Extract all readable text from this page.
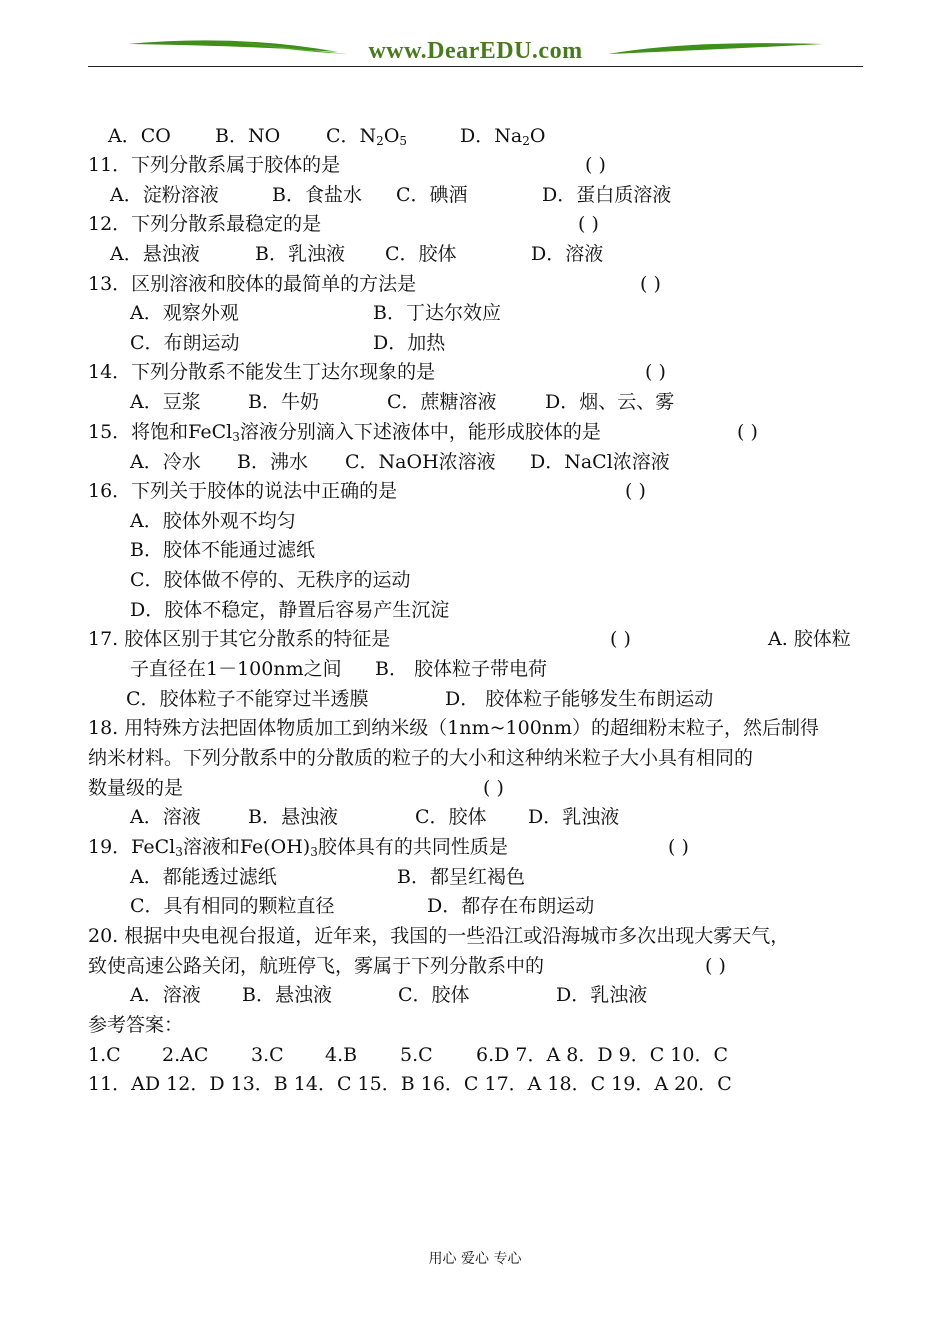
www.DearEDU.com
A．CO B．NO C．$N_2O_5$	D．$Na_2O$
11．下列分散系属于胶体的是	( )
A．淀粉溶液	B．食盐水 C．碘酒	D．蛋白质溶液
12．下列分散系最稳定的是	( )
A．悬浊液	B．乳浊液 C．胶体	D．溶液
13．区别溶液和胶体的最简单的方法是	( )
A．观察外观	B．丁达尔效应
C．布朗运动	D．加热
14．下列分散系不能发生丁达尔现象的是	( )
A．豆浆 B．牛奶	C．蔗糖溶液	D．烟、云、雾
15．将饱和FeCl$_3$溶液分别滴入下述液体中，能形成胶体的是	( )
A．冷水 B．沸水 C．NaOH浓溶液 D．NaCl浓溶液
16．下列关于胶体的说法中正确的是	( )
A．胶体外观不均匀
B．胶体不能通过滤纸
C．胶体做不停的、无秩序的运动
D．胶体不稳定，静置后容易产生沉淀
17. 胶体区别于其它分散系的特征是	( )	A. 胶体粒
子直径在1－100nm之间 B． 胶体粒子带电荷
C．胶体粒子不能穿过半透膜	D． 胶体粒子能够发生布朗运动
18. 用特殊方法把固体物质加工到纳米级（1nm~100nm）的超细粉末粒子，然后制得
纳米材料。下列分散系中的分散质的粒子的大小和这种纳米粒子大小具有相同的
数量级的是	( )
A．溶液 B．悬浊液	C．胶体 D．乳浊液
19．FeCl$_3$溶液和$Fe(OH)_3$胶体具有的共同性质是	( )
A．都能透过滤纸	B．都呈红褐色
C．具有相同的颗粒直径	D．都存在布朗运动
20. 根据中央电视台报道，近年来，我国的一些沿江或沿海城市多次出现大雾天气，
致使高速公路关闭，航班停飞，雾属于下列分散系中的	( )
A．溶液 B．悬浊液	C．胶体	D．乳浊液
参考答案：
1.C 2.AC 3.C 4.B 5.C 6.D 7．A 8．D 9．C 10．C
11．AD 12．D 13．B 14．C 15．B 16．C 17．A 18．C 19．A 20．C
用心 爱心 专心
